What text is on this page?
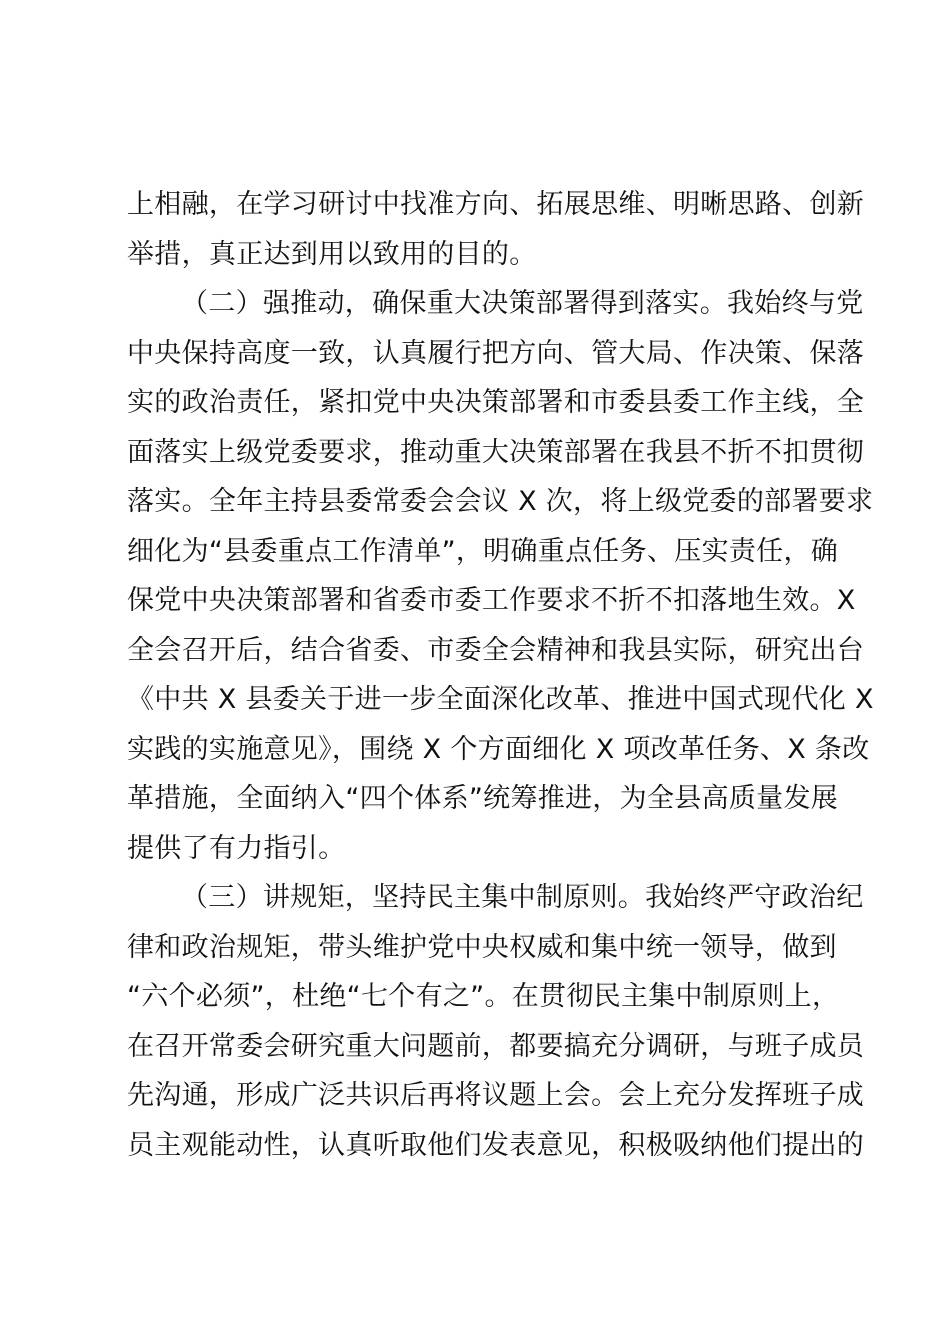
上相融，在学习研讨中找准方向、拓展思维、明晰思路、创新
举措，真正达到用以致用的目的。
（二）强推动，确保重大决策部署得到落实。我始终与党
中央保持高度一致，认真履行把方向、管大局、作决策、保落
实的政治责任，紧扣党中央决策部署和市委县委工作主线，全
面落实上级党委要求，推动重大决策部署在我县不折不扣贯彻
落实。全年主持县委常委会会议 X 次，将上级党委的部署要求
细化为“县委重点工作清单”，明确重点任务、压实责任，确
保党中央决策部署和省委市委工作要求不折不扣落地生效。X
全会召开后，结合省委、市委全会精神和我县实际，研究出台
《中共 X 县委关于进一步全面深化改革、推进中国式现代化 X
实践的实施意见》，围绕 X 个方面细化 X 项改革任务、X 条改
革措施，全面纳入“四个体系”统筹推进，为全县高质量发展
提供了有力指引。
（三）讲规矩，坚持民主集中制原则。我始终严守政治纪
律和政治规矩，带头维护党中央权威和集中统一领导，做到
“六个必须”，杜绝“七个有之”。在贯彻民主集中制原则上，
在召开常委会研究重大问题前，都要搞充分调研，与班子成员
先沟通，形成广泛共识后再将议题上会。会上充分发挥班子成
员主观能动性，认真听取他们发表意见，积极吸纳他们提出的
